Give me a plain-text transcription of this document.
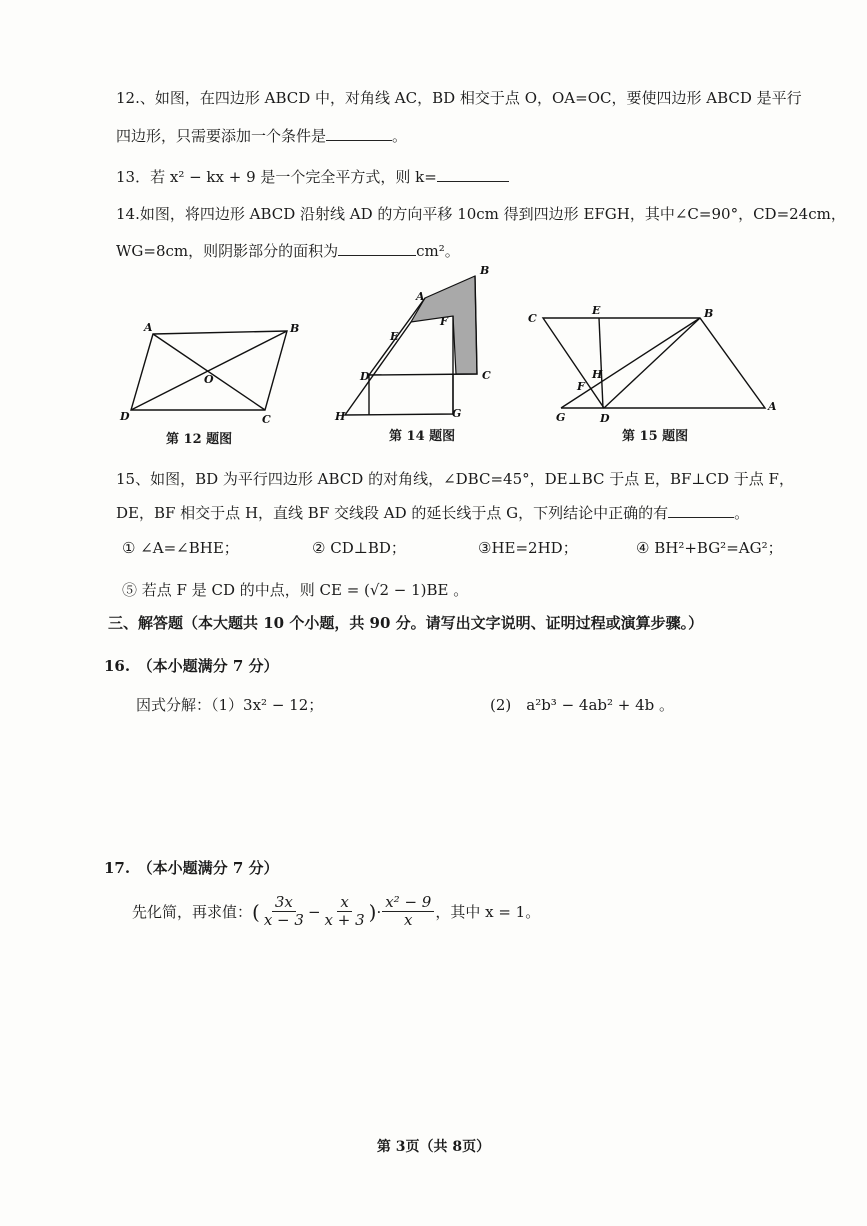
12.、如图，在四边形 ABCD 中，对角线 AC，BD 相交于点 O，OA=OC，要使四边形 ABCD 是平行
四边形，只需要添加一个条件是	。
13．若 x² − kx + 9 是一个完全平方式，则 k=
14.如图，将四边形 ABCD 沿射线 AD 的方向平移 10cm 得到四边形 EFGH，其中∠C=90°，CD=24cm，
WG=8cm，则阴影部分的面积为	cm²。
A	B
C
D
O
A
B
C
D
E
F
G
H
C
E	B
H
F
G	D
A
第 12 题图	第 14 题图	第 15 题图
15、如图，BD 为平行四边形 ABCD 的对角线，∠DBC=45°，DE⊥BC 于点 E，BF⊥CD 于点 F，
DE，BF 相交于点 H，直线 BF 交线段 AD 的延长线于点 G，下列结论中正确的有	。
① ∠A=∠BHE；	② CD⊥BD；	③HE=2HD；	④ BH²+BG²=AG²；
⑤ 若点 F 是 CD 的中点，则 CE = (√2 − 1)BE 。
三、解答题（本大题共 10 个小题，共 90 分。请写出文字说明、证明过程或演算步骤。）
16.　（本小题满分 7 分）
因式分解：（1）3x² − 12；	(2)　a²b³ − 4ab² + 4b 。
17.　（本小题满分 7 分）
先化简，再求值： ( $\frac{3x}{x - 3} - \frac{x}{x + 3}$ ) · $\frac{\text{x² − 9}}{x}$ ，其中 x = 1。
第 3页（共 8页）
